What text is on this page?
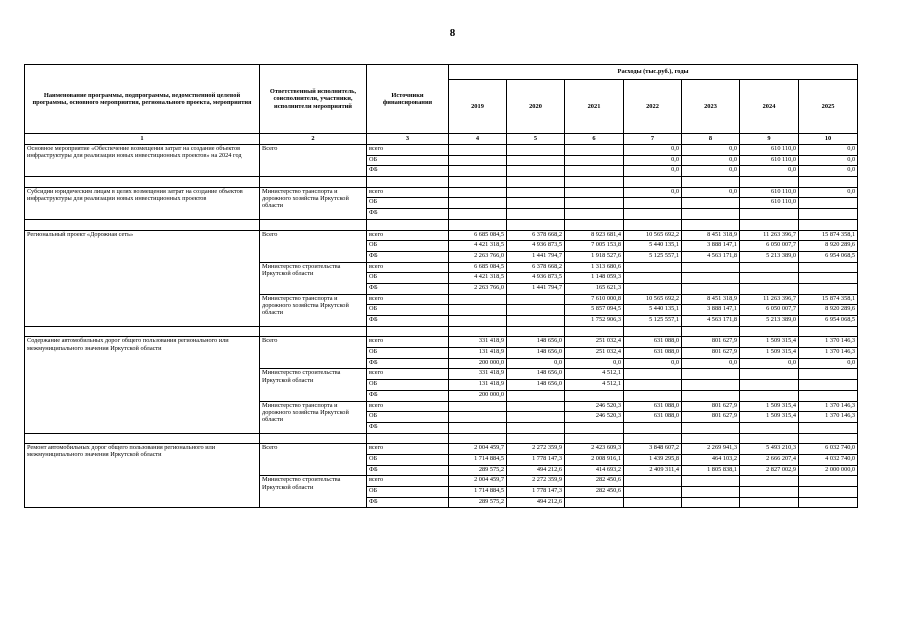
8
Наименование программы, подпрограммы, ведомственной целевой программы, основного мероприятия, регионального проекта, мероприятия	Ответственный исполнитель, соисполнители, участники, исполнители мероприятий	Источники финансирования	Расходы (тыс.руб.), годы						
			2019	2020	2021	2022	2023	2024	2025
1	2	3	4	5	6	7	8	9	10
Основное мероприятие «Обеспечение возмещения затрат на создание объектов инфраструктуры для реализации новых инвестиционных проектов» на 2024 год	Всего	всего				0,0	0,0	610 110,0	0,0
		ОБ				0,0	0,0	610 110,0	0,0
		ФБ				0,0	0,0	0,0	0,0

Субсидии юридическим лицам в целях возмещения затрат на создание объектов инфраструктуры для реализации новых инвестиционных проектов	Министерство транспорта и дорожного хозяйства Иркутской области	всего				0,0	0,0	610 110,0	0,0
		ОБ						610 110,0	
		ФБ							

Региональный проект «Дорожная сеть»	Всего	всего	6 685 084,5	6 378 668,2	8 923 681,4	10 565 692,2	8 451 318,9	11 263 396,7	15 874 358,1
		ОБ	4 421 318,5	4 936 873,5	7 005 153,8	5 440 135,1	3 888 147,1	6 050 007,7	8 920 289,6
		ФБ	2 263 766,0	1 441 794,7	1 918 527,6	5 125 557,1	4 563 171,8	5 213 389,0	6 954 068,5
	Министерство строительства Иркутской области	всего	6 685 084,5	6 378 668,2	1 313 680,6				
		ОБ	4 421 318,5	4 936 873,5	1 148 059,3				
		ФБ	2 263 766,0	1 441 794,7	165 621,3				
	Министерство транспорта и дорожного хозяйства Иркутской области	всего			7 610 000,8	10 565 692,2	8 451 318,9	11 263 396,7	15 874 358,1
		ОБ			5 857 094,5	5 440 135,1	3 888 147,1	6 050 007,7	8 920 289,6
		ФБ			1 752 906,3	5 125 557,1	4 563 171,8	5 213 389,0	6 954 068,5

Содержание автомобильных дорог общего пользования регионального или межмуниципального значения Иркутской области	Всего	всего	331 418,9	148 656,0	251 032,4	631 088,0	801 627,9	1 509 315,4	1 370 146,3
		ОБ	131 418,9	148 656,0	251 032,4	631 088,0	801 627,9	1 509 315,4	1 370 146,3
		ФБ	200 000,0	0,0	0,0	0,0	0,0	0,0	0,0
	Министерство строительства Иркутской области	всего	331 418,9	148 656,0	4 512,1				
		ОБ	131 418,9	148 656,0	4 512,1				
		ФБ	200 000,0						
	Министерство транспорта и дорожного хозяйства Иркутской области	всего			246 520,3	631 088,0	801 627,9	1 509 315,4	1 370 146,3
		ОБ			246 520,3	631 088,0	801 627,9	1 509 315,4	1 370 146,3
		ФБ							

Ремонт автомобильных дорог общего пользования регионального или межмуниципального значения Иркутской области	Всего	всего	2 004 459,7	2 272 359,9	2 423 609,3	3 848 607,2	2 269 941,3	5 493 210,3	6 032 740,0
		ОБ	1 714 884,5	1 778 147,3	2 008 916,1	1 439 295,8	464 103,2	2 666 207,4	4 032 740,0
		ФБ	289 575,2	494 212,6	414 693,2	2 409 311,4	1 805 838,1	2 827 002,9	2 000 000,0
	Министерство строительства Иркутской области	всего	2 004 459,7	2 272 359,9	282 450,6				
		ОБ	1 714 884,5	1 778 147,3	282 450,6				
		ФБ	289 575,2	494 212,6					
